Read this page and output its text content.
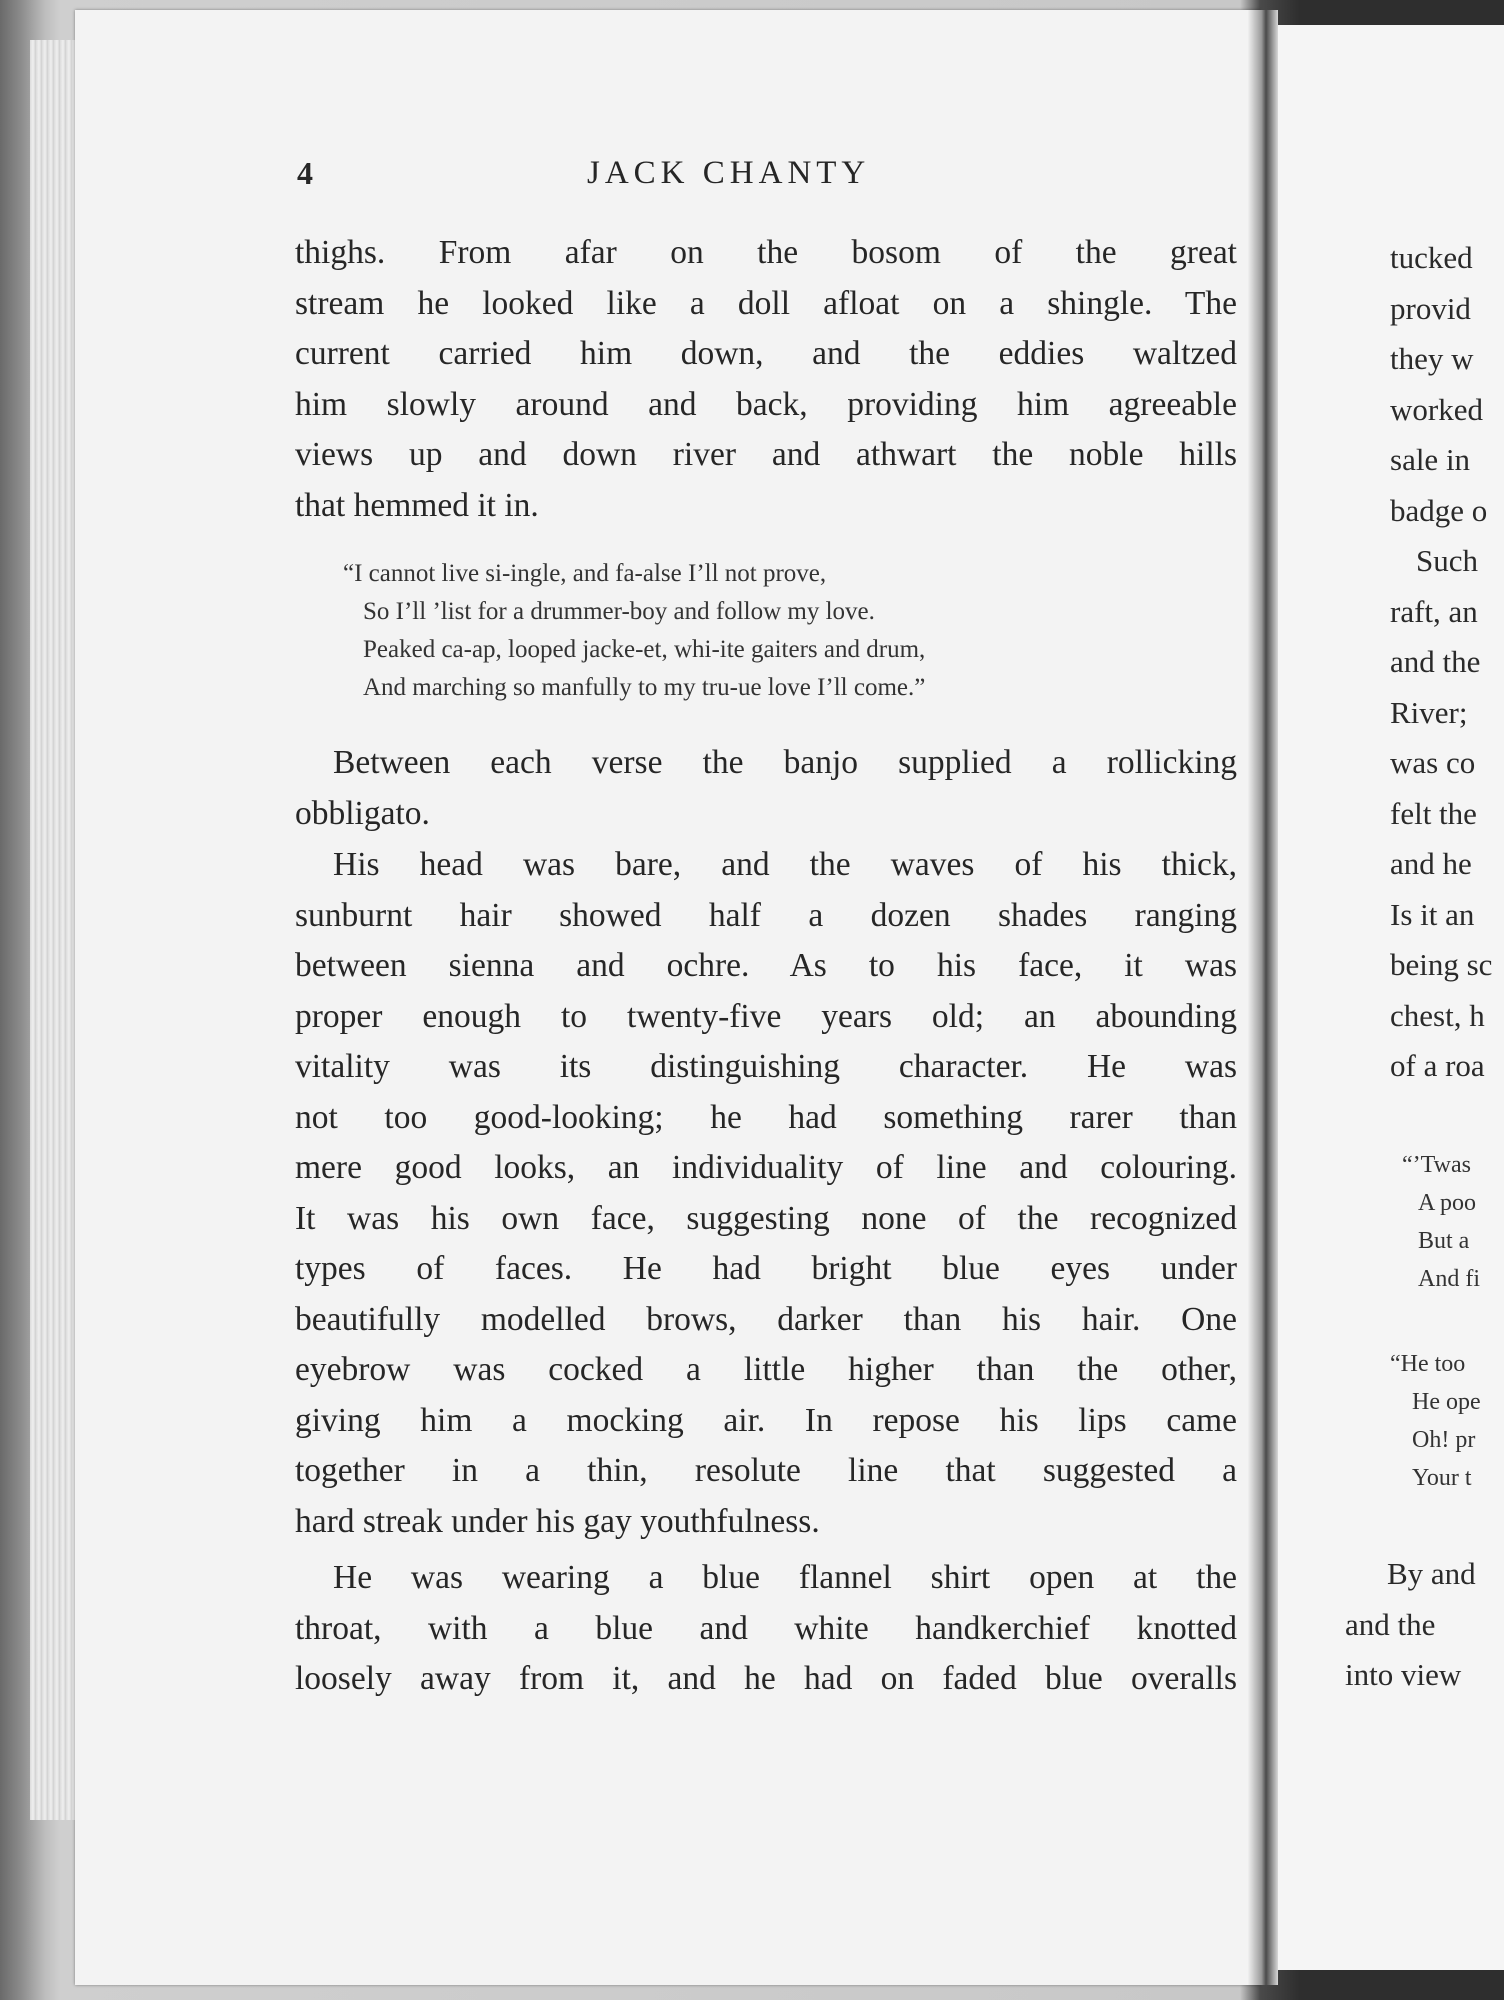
4	JACK CHANTY
thighs. From afar on the bosom of the great
stream he looked like a doll afloat on a shingle. The
current carried him down, and the eddies waltzed
him slowly around and back, providing him agreeable
views up and down river and athwart the noble hills
that hemmed it in.
“I cannot live si-ingle, and fa-alse I’ll not prove,
So I’ll ’list for a drummer-boy and follow my love.
Peaked ca-ap, looped jacke-et, whi-ite gaiters and drum,
And marching so manfully to my tru-ue love I’ll come.”
Between each verse the banjo supplied a rollicking
obbligato.
His head was bare, and the waves of his thick,
sunburnt hair showed half a dozen shades ranging
between sienna and ochre. As to his face, it was
proper enough to twenty-five years old; an abounding
vitality was its distinguishing character. He was
not too good-looking; he had something rarer than
mere good looks, an individuality of line and colouring.
It was his own face, suggesting none of the recognized
types of faces. He had bright blue eyes under
beautifully modelled brows, darker than his hair. One
eyebrow was cocked a little higher than the other,
giving him a mocking air. In repose his lips came
together in a thin, resolute line that suggested a
hard streak under his gay youthfulness.
He was wearing a blue flannel shirt open at the
throat, with a blue and white handkerchief knotted
loosely away from it, and he had on faded blue overalls
tucked
provid
they w
worked
sale in
badge o
Such
raft, an
and the
River;
was co
felt the
and he
Is it an
being sc
chest, h
of a roa
“’Twas
A poo
But a
And fi
“He too
He ope
Oh! pr
Your t
By and
and the
into view
